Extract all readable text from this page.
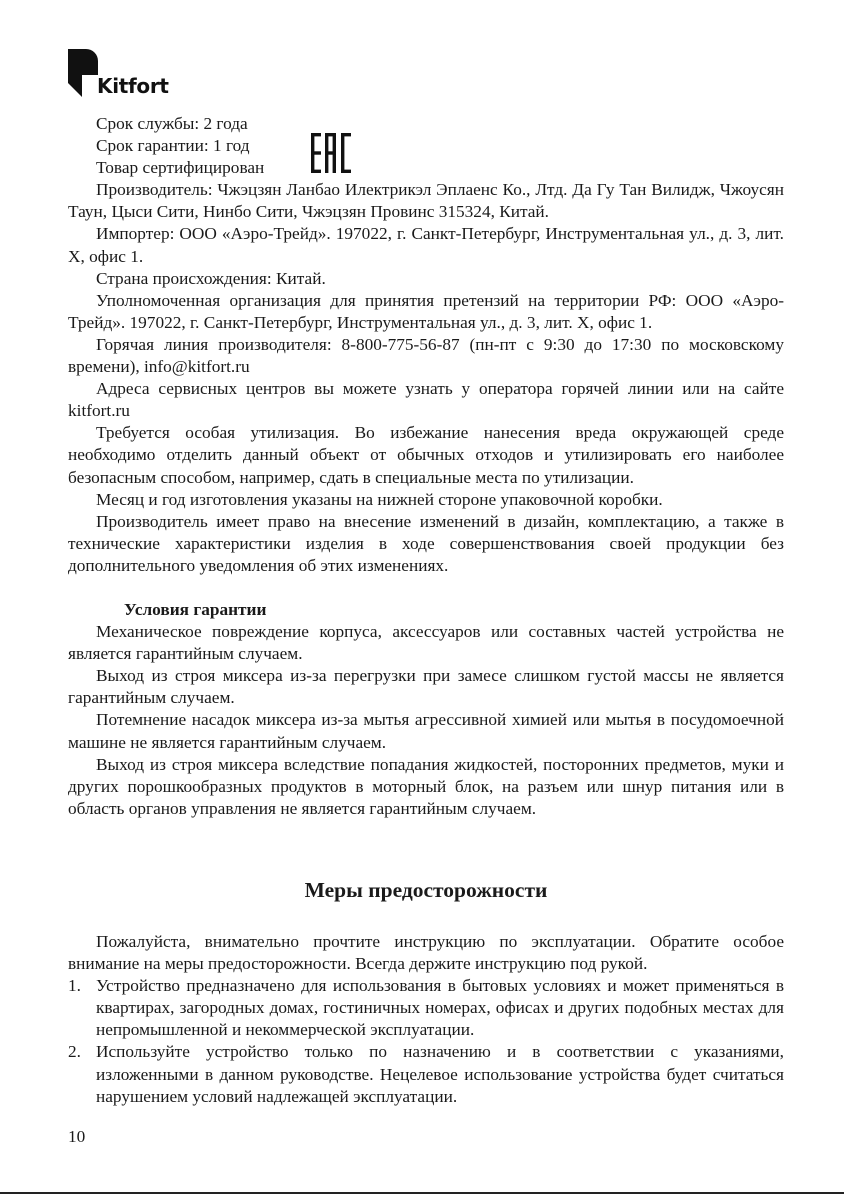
Kitfort
Срок службы: 2 года
Срок гарантии: 1 год
Товар сертифицирован

Производитель: Чжэцзян Ланбао Илектрикэл Эплаенс Ко., Лтд. Да Гу Тан Вилидж, Чжоусян Таун, Цыси Сити, Нинбо Сити, Чжэцзян Провинс 315324, Китай.

Импортер: ООО «Аэро-Трейд». 197022, г. Санкт-Петербург, Инструментальная ул., д. 3, лит. Х, офис 1.

Страна происхождения: Китай.

Уполномоченная организация для принятия претензий на территории РФ: ООО «Аэро-Трейд». 197022, г. Санкт-Петербург, Инструментальная ул., д. 3, лит. Х, офис 1.

Горячая линия производителя: 8-800-775-56-87 (пн-пт с 9:30 до 17:30 по московскому времени), info@kitfort.ru

Адреса сервисных центров вы можете узнать у оператора горячей линии или на сайте kitfort.ru

Требуется особая утилизация. Во избежание нанесения вреда окружающей среде необходимо отделить данный объект от обычных отходов и утилизировать его наиболее безопасным способом, например, сдать в специальные места по утилизации.

Месяц и год изготовления указаны на нижней стороне упаковочной коробки.

Производитель имеет право на внесение изменений в дизайн, комплектацию, а также в технические характеристики изделия в ходе совершенствования своей продукции без дополнительного уведомления об этих изменениях.

Условия гарантии

Механическое повреждение корпуса, аксессуаров или составных частей устройства не является гарантийным случаем.

Выход из строя миксера из-за перегрузки при замесе слишком густой массы не является гарантийным случаем.

Потемнение насадок миксера из-за мытья агрессивной химией или мытья в посудомоечной машине не является гарантийным случаем.

Выход из строя миксера вследствие попадания жидкостей, посторонних предметов, муки и других порошкообразных продуктов в моторный блок, на разъем или шнур питания или в область органов управления не является гарантийным случаем.

Меры предосторожности

Пожалуйста, внимательно прочтите инструкцию по эксплуатации. Обратите особое внимание на меры предосторожности. Всегда держите инструкцию под рукой.

1. Устройство предназначено для использования в бытовых условиях и может применяться в квартирах, загородных домах, гостиничных номерах, офисах и других подобных местах для непромышленной и некоммерческой эксплуатации.
2. Используйте устройство только по назначению и в соответствии с указаниями, изложенными в данном руководстве. Нецелевое использование устройства будет считаться нарушением условий надлежащей эксплуатации.
10
